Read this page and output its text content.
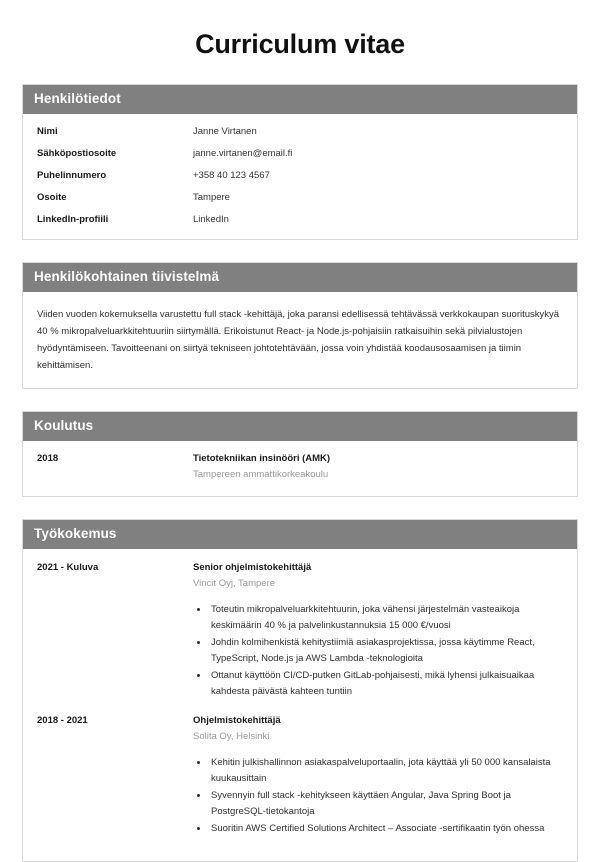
Curriculum vitae
Henkilötiedot
Nimi	Janne Virtanen
Sähköpostiosoite	janne.virtanen@email.fi
Puhelinnumero	+358 40 123 4567
Osoite	Tampere
LinkedIn-profiili	LinkedIn
Henkilökohtainen tiivistelmä

Viiden vuoden kokemuksella varustettu full stack -kehittäjä, joka paransi edellisessä tehtävässä verkkokaupan suorituskykyä 40 % mikropalveluarkkitehtuuriin siirtymällä. Erikoistunut React- ja Node.js-pohjaisiin ratkaisuihin sekä pilvialustojen hyödyntämiseen. Tavoitteenani on siirtyä tekniseen johtotehtävään, jossa voin yhdistää koodausosaamisen ja tiimin kehittämisen.

Koulutus
2018	Tietotekniikan insinööri (AMK)
Tampereen ammattikorkeakoulu
Työkokemus
2021 - Kuluva	Senior ohjelmistokehittäjä
Vincit Oyj, Tampere
• Toteutin mikropalveluarkkitehtuurin, joka vähensi järjestelmän vasteaikoja keskimäärin 40 % ja palvelinkustannuksia 15 000 €/vuosi
• Johdin kolmihenkistä kehitystiimiä asiakasprojektissa, jossa käytimme React, TypeScript, Node.js ja AWS Lambda -teknologioita
• Ottanut käyttöön CI/CD-putken GitLab-pohjaisesti, mikä lyhensi julkaisuaikaa kahdesta päivästä kahteen tuntiin
2018 - 2021	Ohjelmistokehittäjä
Solita Oy, Helsinki
• Kehitin julkishallinnon asiakaspalveluportaalin, jota käyttää yli 50 000 kansalaista kuukausittain
• Syvennyin full stack -kehitykseen käyttäen Angular, Java Spring Boot ja PostgreSQL-tietokantoja
• Suoritin AWS Certified Solutions Architect – Associate -sertifikaatin työn ohessa
